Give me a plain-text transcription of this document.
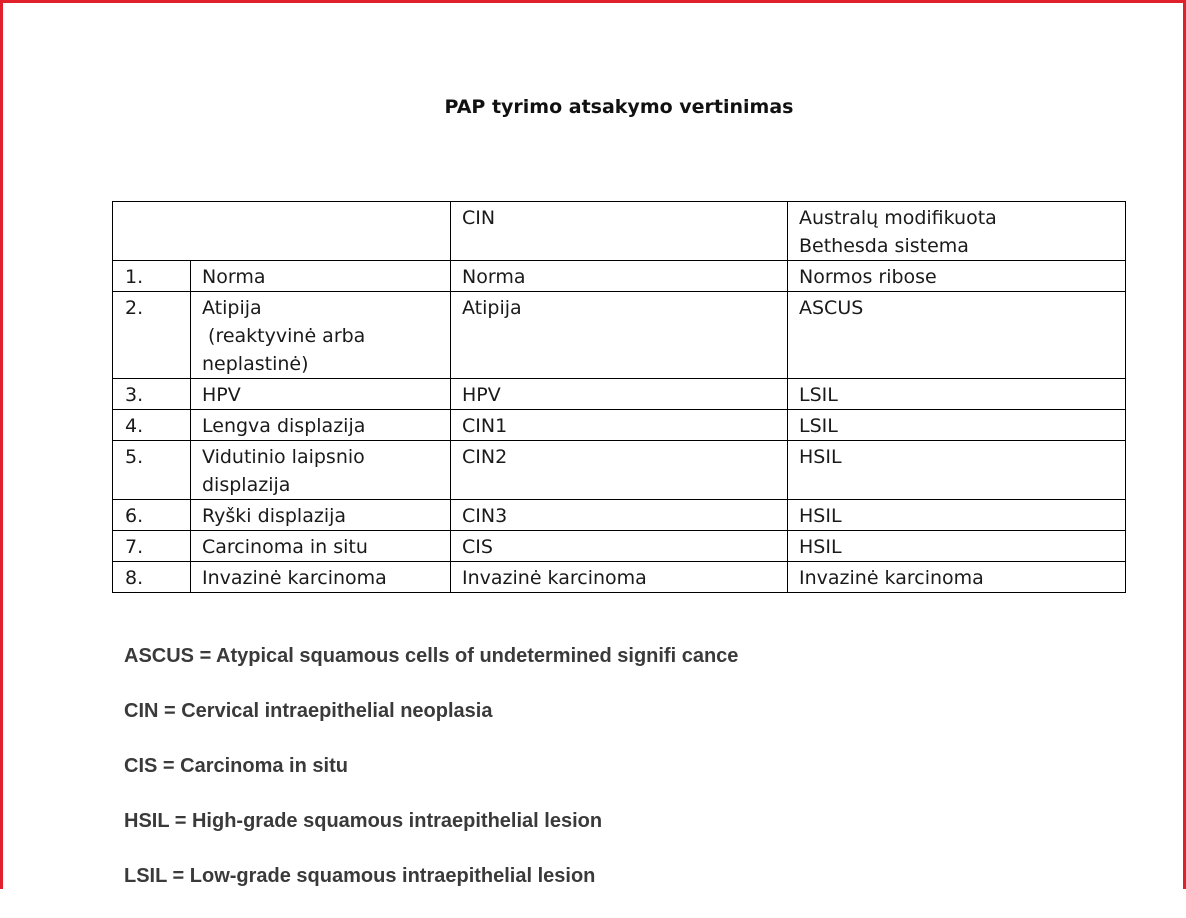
PAP tyrimo atsakymo vertinimas
		CIN	Australų modifikuota
Bethesda sistema

1.	Norma	Norma	Normos ribose
2.	Atipija
(reaktyvinė arba
neplastinė)	Atipija	ASCUS
3.	HPV	HPV	LSIL
4.	Lengva displazija	CIN1	LSIL
5.	Vidutinio laipsnio
displazija	CIN2	HSIL
6.	Ryški displazija	CIN3	HSIL
7.	Carcinoma in situ	CIS	HSIL
8.	Invazinė karcinoma	Invazinė karcinoma	Invazinė karcinoma
ASCUS = Atypical squamous cells of undetermined signifi cance
CIN = Cervical intraepithelial neoplasia
CIS = Carcinoma in situ
HSIL = High-grade squamous intraepithelial lesion
LSIL = Low-grade squamous intraepithelial lesion
